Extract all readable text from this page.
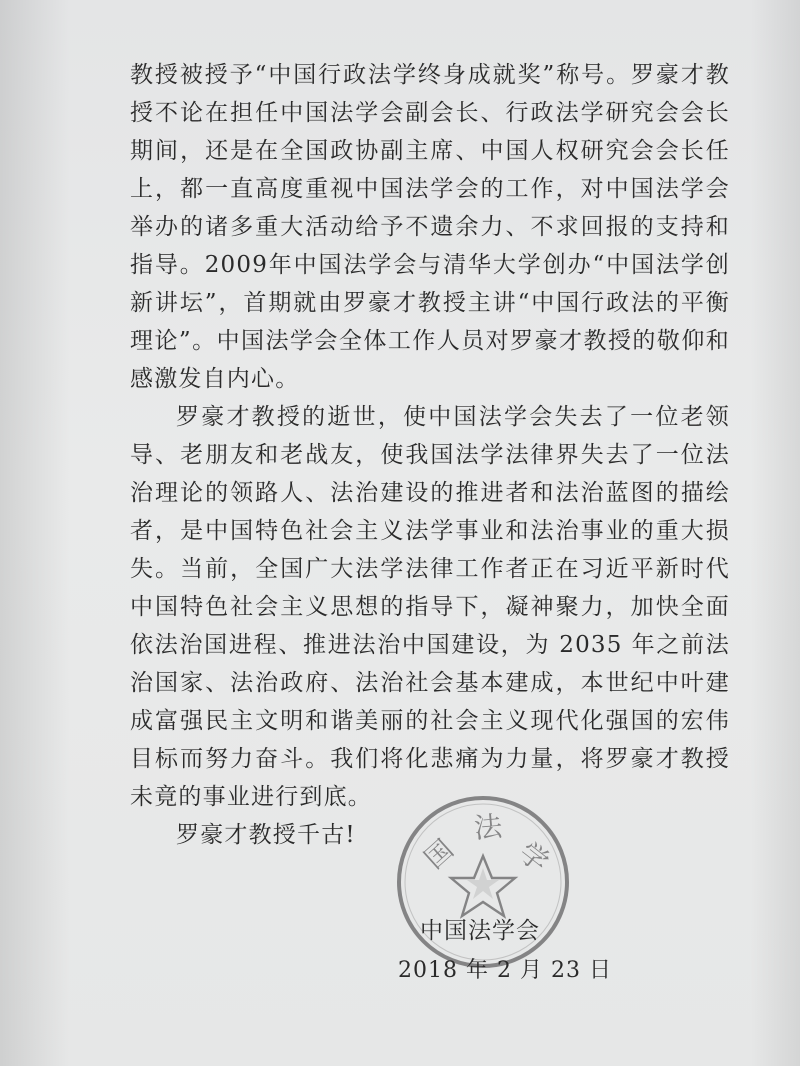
教授被授予“中国行政法学终身成就奖”称号。罗豪才教授不论在担任中国法学会副会长、行政法学研究会会长期间，还是在全国政协副主席、中国人权研究会会长任上，都一直高度重视中国法学会的工作，对中国法学会举办的诸多重大活动给予不遗余力、不求回报的支持和指导。2009年中国法学会与清华大学创办“中国法学创新讲坛”，首期就由罗豪才教授主讲“中国行政法的平衡理论”。中国法学会全体工作人员对罗豪才教授的敬仰和感激发自内心。

罗豪才教授的逝世，使中国法学会失去了一位老领导、老朋友和老战友，使我国法学法律界失去了一位法治理论的领路人、法治建设的推进者和法治蓝图的描绘者，是中国特色社会主义法学事业和法治事业的重大损失。当前，全国广大法学法律工作者正在习近平新时代中国特色社会主义思想的指导下，凝神聚力，加快全面依法治国进程、推进法治中国建设，为 2035 年之前法治国家、法治政府、法治社会基本建成，本世纪中叶建成富强民主文明和谐美丽的社会主义现代化强国的宏伟目标而努力奋斗。我们将化悲痛为力量，将罗豪才教授未竟的事业进行到底。

罗豪才教授千古!	国
法
学
中国法学会
2018 年 2 月 23 日
